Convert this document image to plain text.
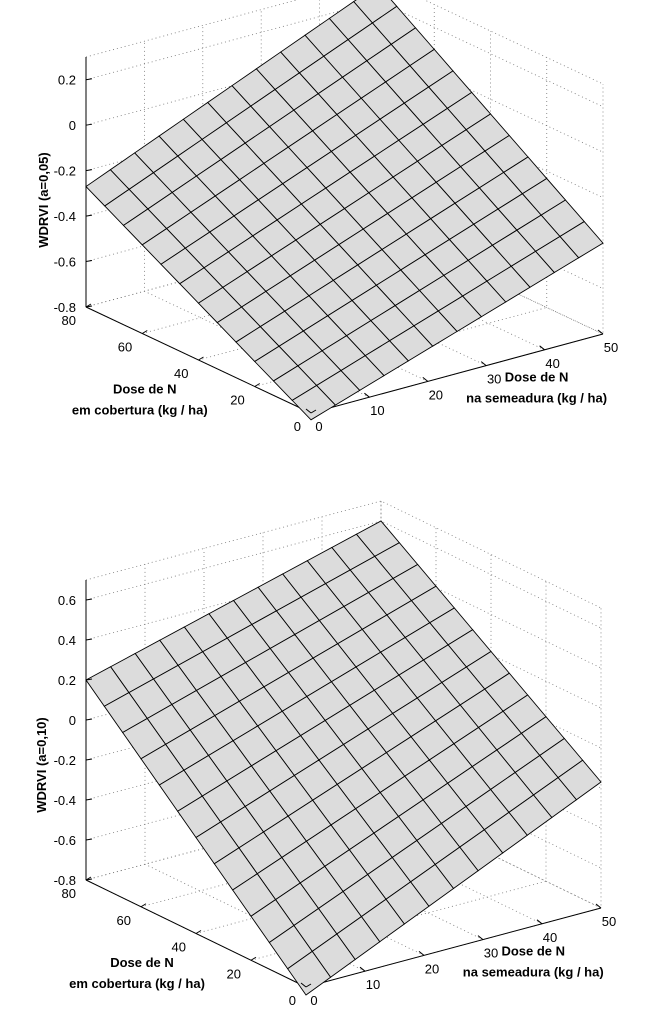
-0.8
-0.6
-0.4
-0.2
0
0.2
0
10
20
30
40
50
0
20
40
60
80
WDRVI (a=0,05)
Dose de N
na semeadura (kg / ha)
Dose de N
em cobertura (kg / ha)
-0.8
-0.6
-0.4
-0.2
0
0.2
0.4
0.6
0
10
20
30
40
50
0
20
40
60
80
WDRVI (a=0,10)
Dose de N
na semeadura (kg / ha)
Dose de N
em cobertura (kg / ha)
